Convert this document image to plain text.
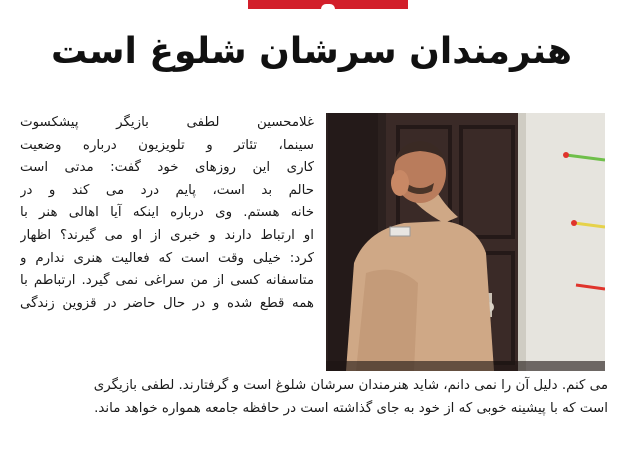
هنرمندان سرشان شلوغ است
غلامحسین لطفی بازیگر پیشکسوت
سینما، تئاتر و تلویزیون درباره وضعیت
کاری این روزهای خود گفت: مدتی است
حالم بد است، پایم درد می کند و در
خانه هستم. وی درباره اینکه آیا اهالی هنر با
او ارتباط دارند و خبری از او می گیرند؟ اظهار
کرد: خیلی وقت است که فعالیت هنری ندارم و
متاسفانه کسی از من سراغی نمی گیرد. ارتباطم با
همه قطع شده و در حال حاضر در قزوین زندگی
می کنم. دلیل آن را نمی دانم، شاید هنرمندان سرشان شلوغ است و گرفتارند. لطفی بازیگری
است که با پیشینه خوبی که از خود به جای گذاشته است در حافظه جامعه همواره خواهد ماند.
